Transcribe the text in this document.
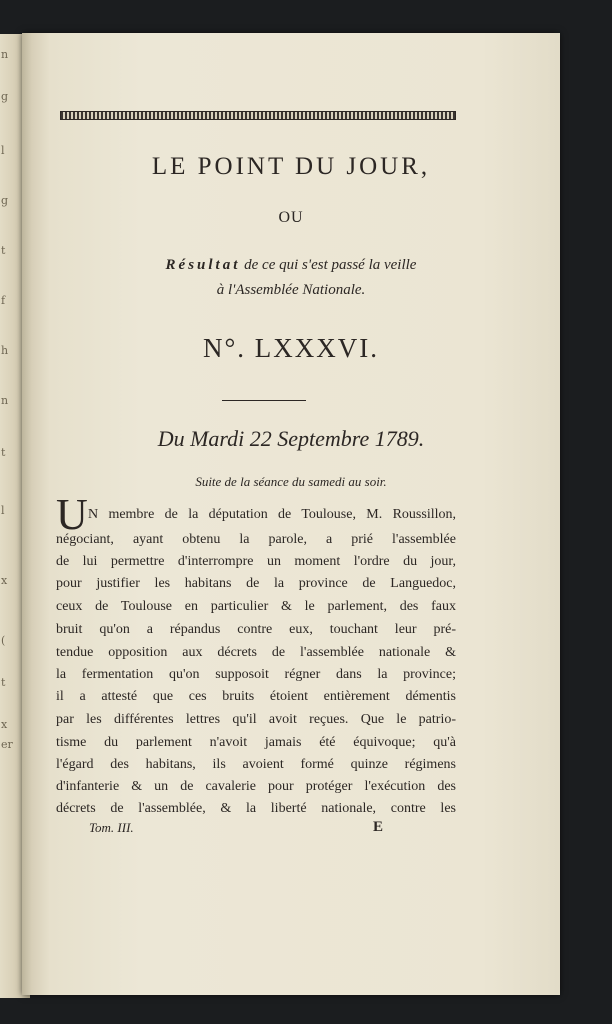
n
g
l
g
t
f
h
n
t
l
x
(
t
x
er
LE POINT DU JOUR,
OU
Résultat de ce qui s'est passé la veille
à l'Assemblée Nationale.
N°. LXXXVI.
Du Mardi 22 Septembre 1789.
Suite de la séance du samedi au soir.
U N membre de la députation de Toulouse, M. Roussillon,
négociant, ayant obtenu la parole, a prié l'assemblée
de lui permettre d'interrompre un moment l'ordre du jour,
pour justifier les habitans de la province de Languedoc,
ceux de Toulouse en particulier & le parlement, des faux
bruit qu'on a répandus contre eux, touchant leur pré-
tendue opposition aux décrets de l'assemblée nationale &
la fermentation qu'on supposoit régner dans la province;
il a attesté que ces bruits étoient entièrement démentis
par les différentes lettres qu'il avoit reçues. Que le patrio-
tisme du parlement n'avoit jamais été équivoque; qu'à
l'égard des habitans, ils avoient formé quinze régimens
d'infanterie & un de cavalerie pour protéger l'exécution des
décrets de l'assemblée, & la liberté nationale, contre les
Tom. III.	E
